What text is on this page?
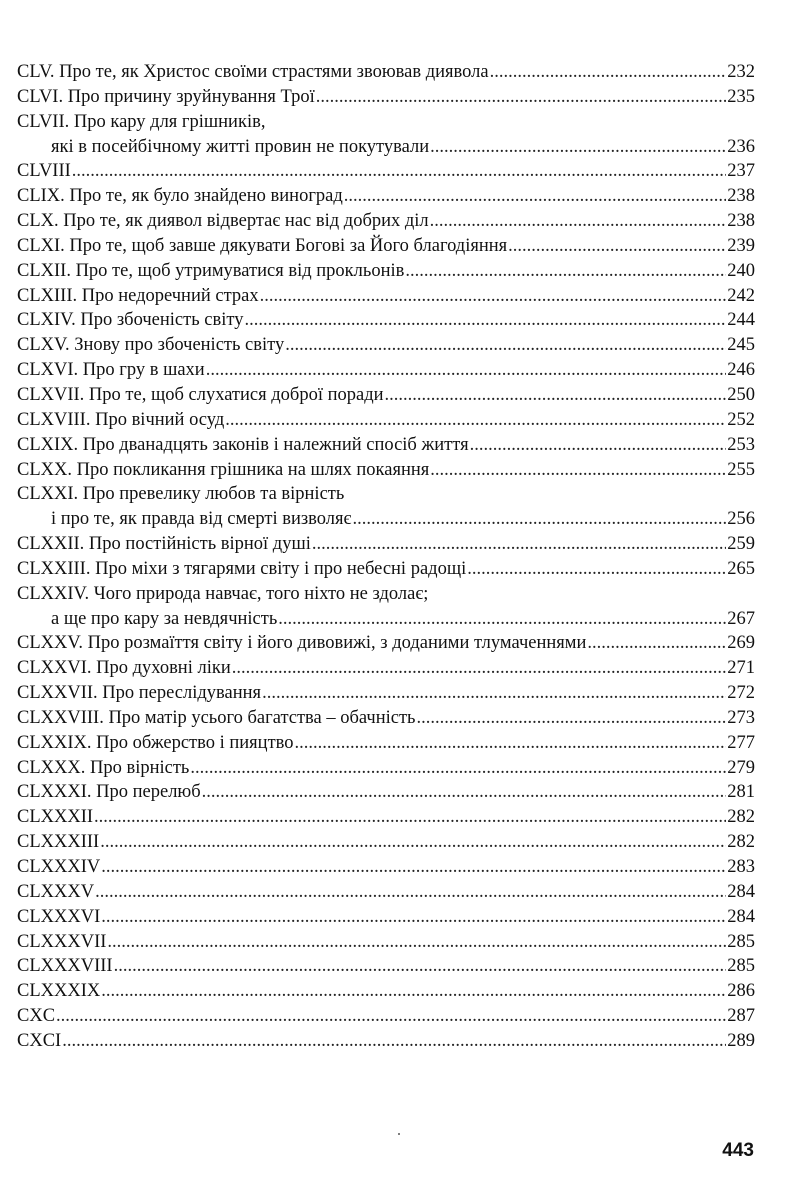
CLV. Про те, як Христос своїми страстями звоював диявола .....	232
CLVI. Про причину зруйнування Трої .....	235
CLVII. Про кару для грішників,
які в посейбічному житті провин не покутували .....	236
CLVIII .....	237
CLIX. Про те, як було знайдено виноград .....	238
CLX. Про те, як диявол відвертає нас від добрих діл .....	238
CLXI. Про те, щоб завше дякувати Богові за Його благодіяння .....	239
CLXII. Про те, щоб утримуватися від прокльонів .....	240
CLXIII. Про недоречний страх .....	242
CLXIV. Про збоченість світу .....	244
CLXV. Знову про збоченість світу .....	245
CLXVI. Про гру в шахи .....	246
CLXVII. Про те, щоб слухатися доброї поради .....	250
CLXVIII. Про вічний осуд .....	252
CLXIX. Про дванадцять законів і належний спосіб життя .....	253
CLXX. Про покликання грішника на шлях покаяння .....	255
CLXXI. Про превелику любов та вірність
і про те, як правда від смерті визволяє .....	256
CLXXII. Про постійність вірної душі .....	259
CLXXIII. Про міхи з тягарями світу і про небесні радощі .....	265
CLXXIV. Чого природа навчає, того ніхто не здолає;
а ще про кару за невдячність .....	267
CLXXV. Про розмаїття світу і його дивовижі, з доданими тлумаченнями .....	269
CLXXVI. Про духовні ліки .....	271
CLXXVII. Про переслідування .....	272
CLXXVIII. Про матір усього багатства – обачність .....	273
CLXXIX. Про обжерство і пияцтво .....	277
CLXXX. Про вірність .....	279
CLXXXI. Про перелюб .....	281
CLXXXII .....	282
CLXXXIII .....	282
CLXXXIV .....	283
CLXXXV .....	284
CLXXXVI .....	284
CLXXXVII .....	285
CLXXXVIII .....	285
CLXXXIX .....	286
CXC .....	287
CXCI .....	289
443
